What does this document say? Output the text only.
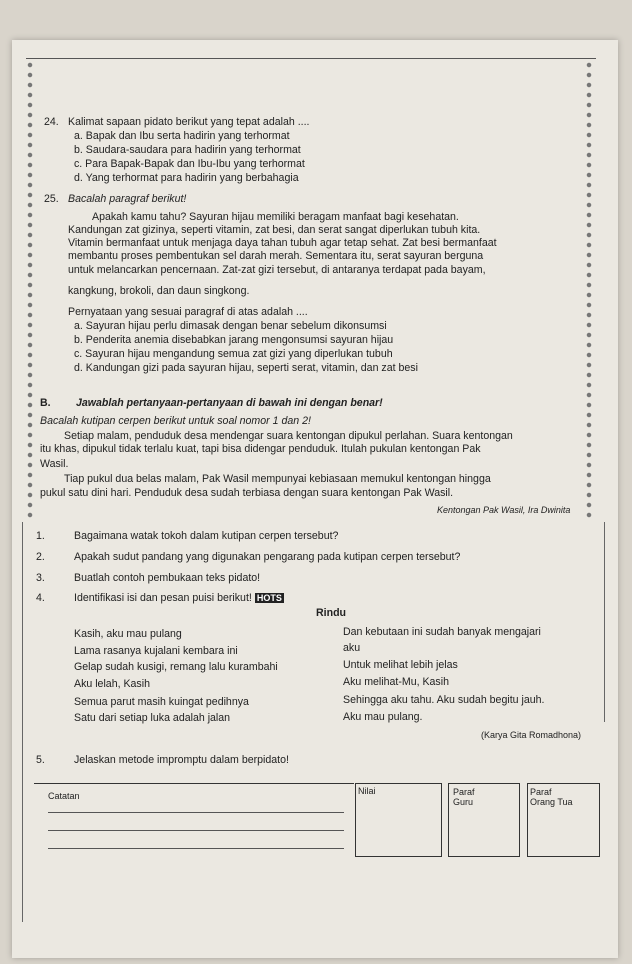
24. Kalimat sapaan pidato berikut yang tepat adalah ....
a. Bapak dan Ibu serta hadirin yang terhormat
b. Saudara-saudara para hadirin yang terhormat
c. Para Bapak-Bapak dan Ibu-Ibu yang terhormat
d. Yang terhormat para hadirin yang berbahagia
25. Bacalah paragraf berikut!
Apakah kamu tahu? Sayuran hijau memiliki beragam manfaat bagi kesehatan.
Kandungan zat gizinya, seperti vitamin, zat besi, dan serat sangat diperlukan tubuh kita.
Vitamin bermanfaat untuk menjaga daya tahan tubuh agar tetap sehat. Zat besi bermanfaat
membantu proses pembentukan sel darah merah. Sementara itu, serat sayuran berguna
untuk melancarkan pencernaan. Zat-zat gizi tersebut, di antaranya terdapat pada bayam,
kangkung, brokoli, dan daun singkong.
Pernyataan yang sesuai paragraf di atas adalah ....
a. Sayuran hijau perlu dimasak dengan benar sebelum dikonsumsi
b. Penderita anemia disebabkan jarang mengonsumsi sayuran hijau
c. Sayuran hijau mengandung semua zat gizi yang diperlukan tubuh
d. Kandungan gizi pada sayuran hijau, seperti serat, vitamin, dan zat besi
B. Jawablah pertanyaan-pertanyaan di bawah ini dengan benar!
Bacalah kutipan cerpen berikut untuk soal nomor 1 dan 2!
Setiap malam, penduduk desa mendengar suara kentongan dipukul perlahan. Suara kentongan
itu khas, dipukul tidak terlalu kuat, tapi bisa didengar penduduk. Itulah pukulan kentongan Pak
Wasil.
Tiap pukul dua belas malam, Pak Wasil mempunyai kebiasaan memukul kentongan hingga
pukul satu dini hari. Penduduk desa sudah terbiasa dengan suara kentongan Pak Wasil.
Kentongan Pak Wasil, Ira Dwinita
1.	Bagaimana watak tokoh dalam kutipan cerpen tersebut?
2.	Apakah sudut pandang yang digunakan pengarang pada kutipan cerpen tersebut?
3.	Buatlah contoh pembukaan teks pidato!
4.	Identifikasi isi dan pesan puisi berikut! HOTS
Rindu
Kasih, aku mau pulang
Lama rasanya kujalani kembara ini
Gelap sudah kusigi, remang lalu kurambahi
Aku lelah, Kasih
Semua parut masih kuingat pedihnya
Satu dari setiap luka adalah jalan
Dan kebutaan ini sudah banyak mengajari
aku
Untuk melihat lebih jelas
Aku melihat-Mu, Kasih
Sehingga aku tahu. Aku sudah begitu jauh.
Aku mau pulang.
(Karya Gita Romadhona)
5.	Jelaskan metode impromptu dalam berpidato!
Catatan	Nilai	Paraf
Guru
Paraf
Orang Tua
